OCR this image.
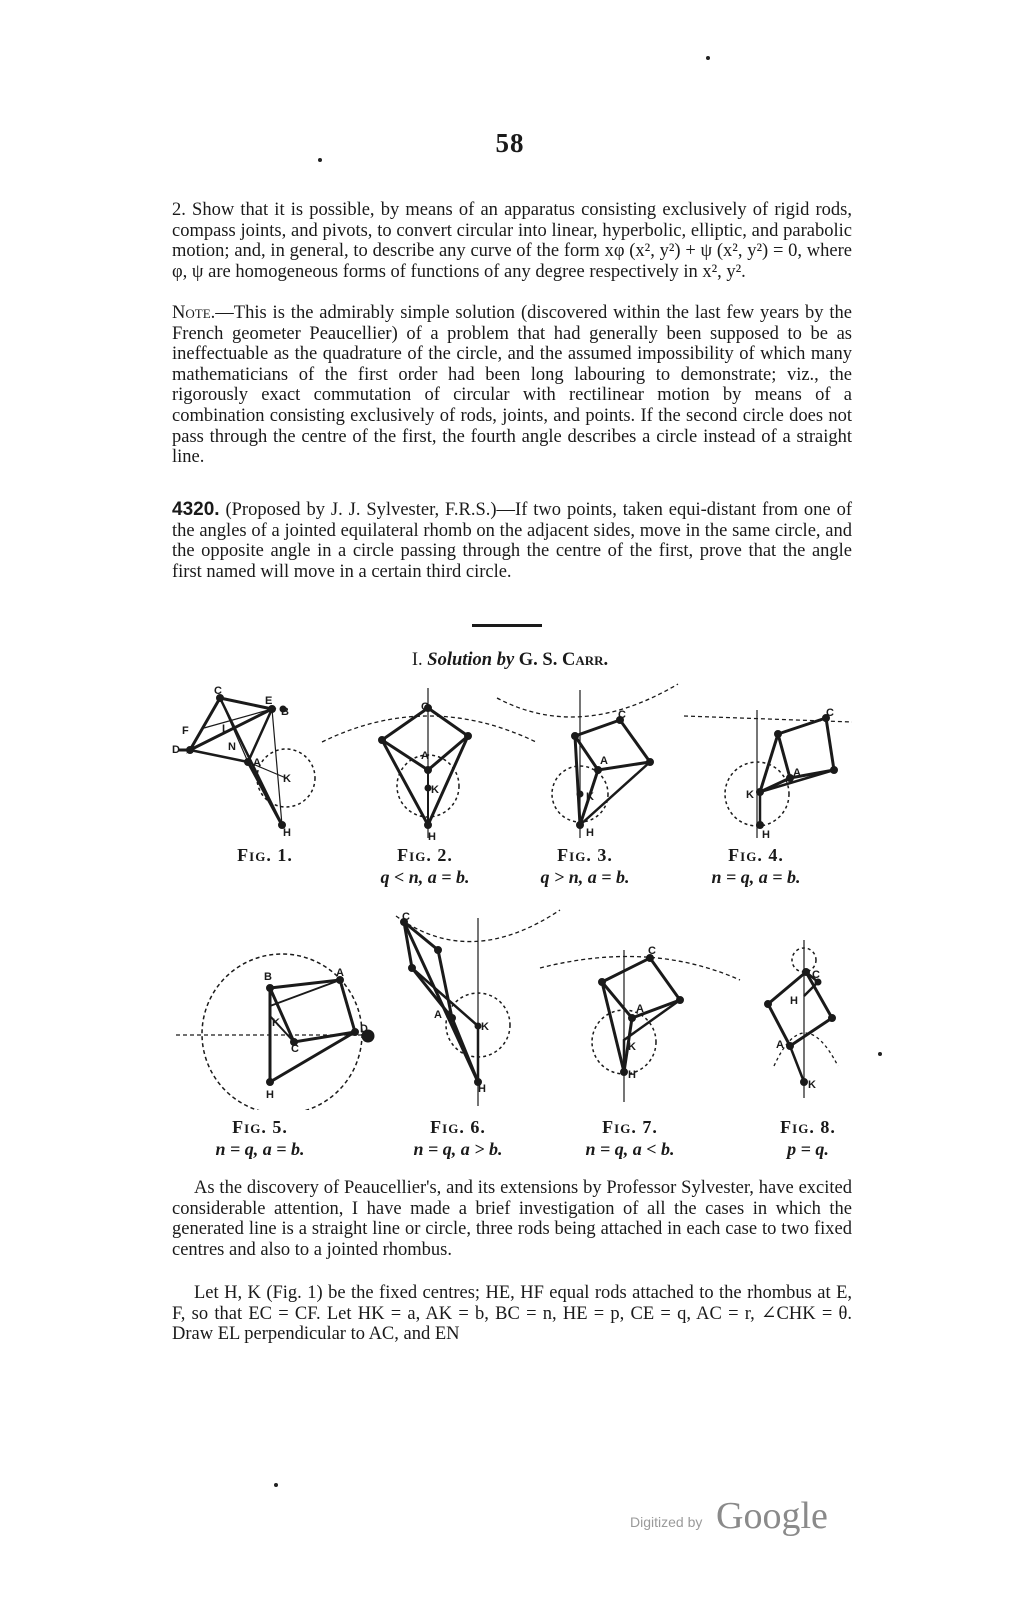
58

2. Show that it is possible, by means of an apparatus consisting exclusively of rigid rods, compass joints, and pivots, to convert circular into linear, hyperbolic, elliptic, and parabolic motion; and, in general, to describe any curve of the form xφ (x², y²) + ψ (x², y²) = 0, where φ, ψ are homogeneous forms of functions of any degree respectively in x², y².

Note.—This is the admirably simple solution (discovered within the last few years by the French geometer Peaucellier) of a problem that had generally been supposed to be as ineffectuable as the quadrature of the circle, and the assumed impossibility of which many mathematicians of the first order had been long labouring to demonstrate; viz., the rigorously exact commutation of circular with rectilinear motion by means of a combination consisting exclusively of rods, joints, and points. If the second circle does not pass through the centre of the first, the fourth angle describes a circle instead of a straight line.

4320. (Proposed by J. J. Sylvester, F.R.S.)—If two points, taken equi-distant from one of the angles of a jointed equilateral rhomb on the adjacent sides, move in the same circle, and the opposite angle in a circle passing through the centre of the first, prove that the angle first named will move in a certain third circle.

I. Solution by G. S. Carr.
C
E
B
F
D
L
N
A
K
H
C
A
K
H
C
A
K
H
C
A
K
H
B	A
K
C
D
H
C
A
K
H
C
A
K
H
H
C
A
K
Fig. 1.	Fig. 2.
q < n, a = b.
Fig. 3.
q > n, a = b.
Fig. 4.
n = q, a = b.
Fig. 5.
n = q, a = b.
Fig. 6.
n = q, a > b.
Fig. 7.
n = q, a < b.
Fig. 8.
p = q.

As the discovery of Peaucellier's, and its extensions by Professor Sylvester, have excited considerable attention, I have made a brief investigation of all the cases in which the generated line is a straight line or circle, three rods being attached in each case to two fixed centres and also to a jointed rhombus.

Let H, K (Fig. 1) be the fixed centres; HE, HF equal rods attached to the rhombus at E, F, so that EC = CF. Let HK = a, AK = b, BC = n, HE = p, CE = q, AC = r, ∠CHK = θ. Draw EL perpendicular to AC, and EN

Digitized by Google
